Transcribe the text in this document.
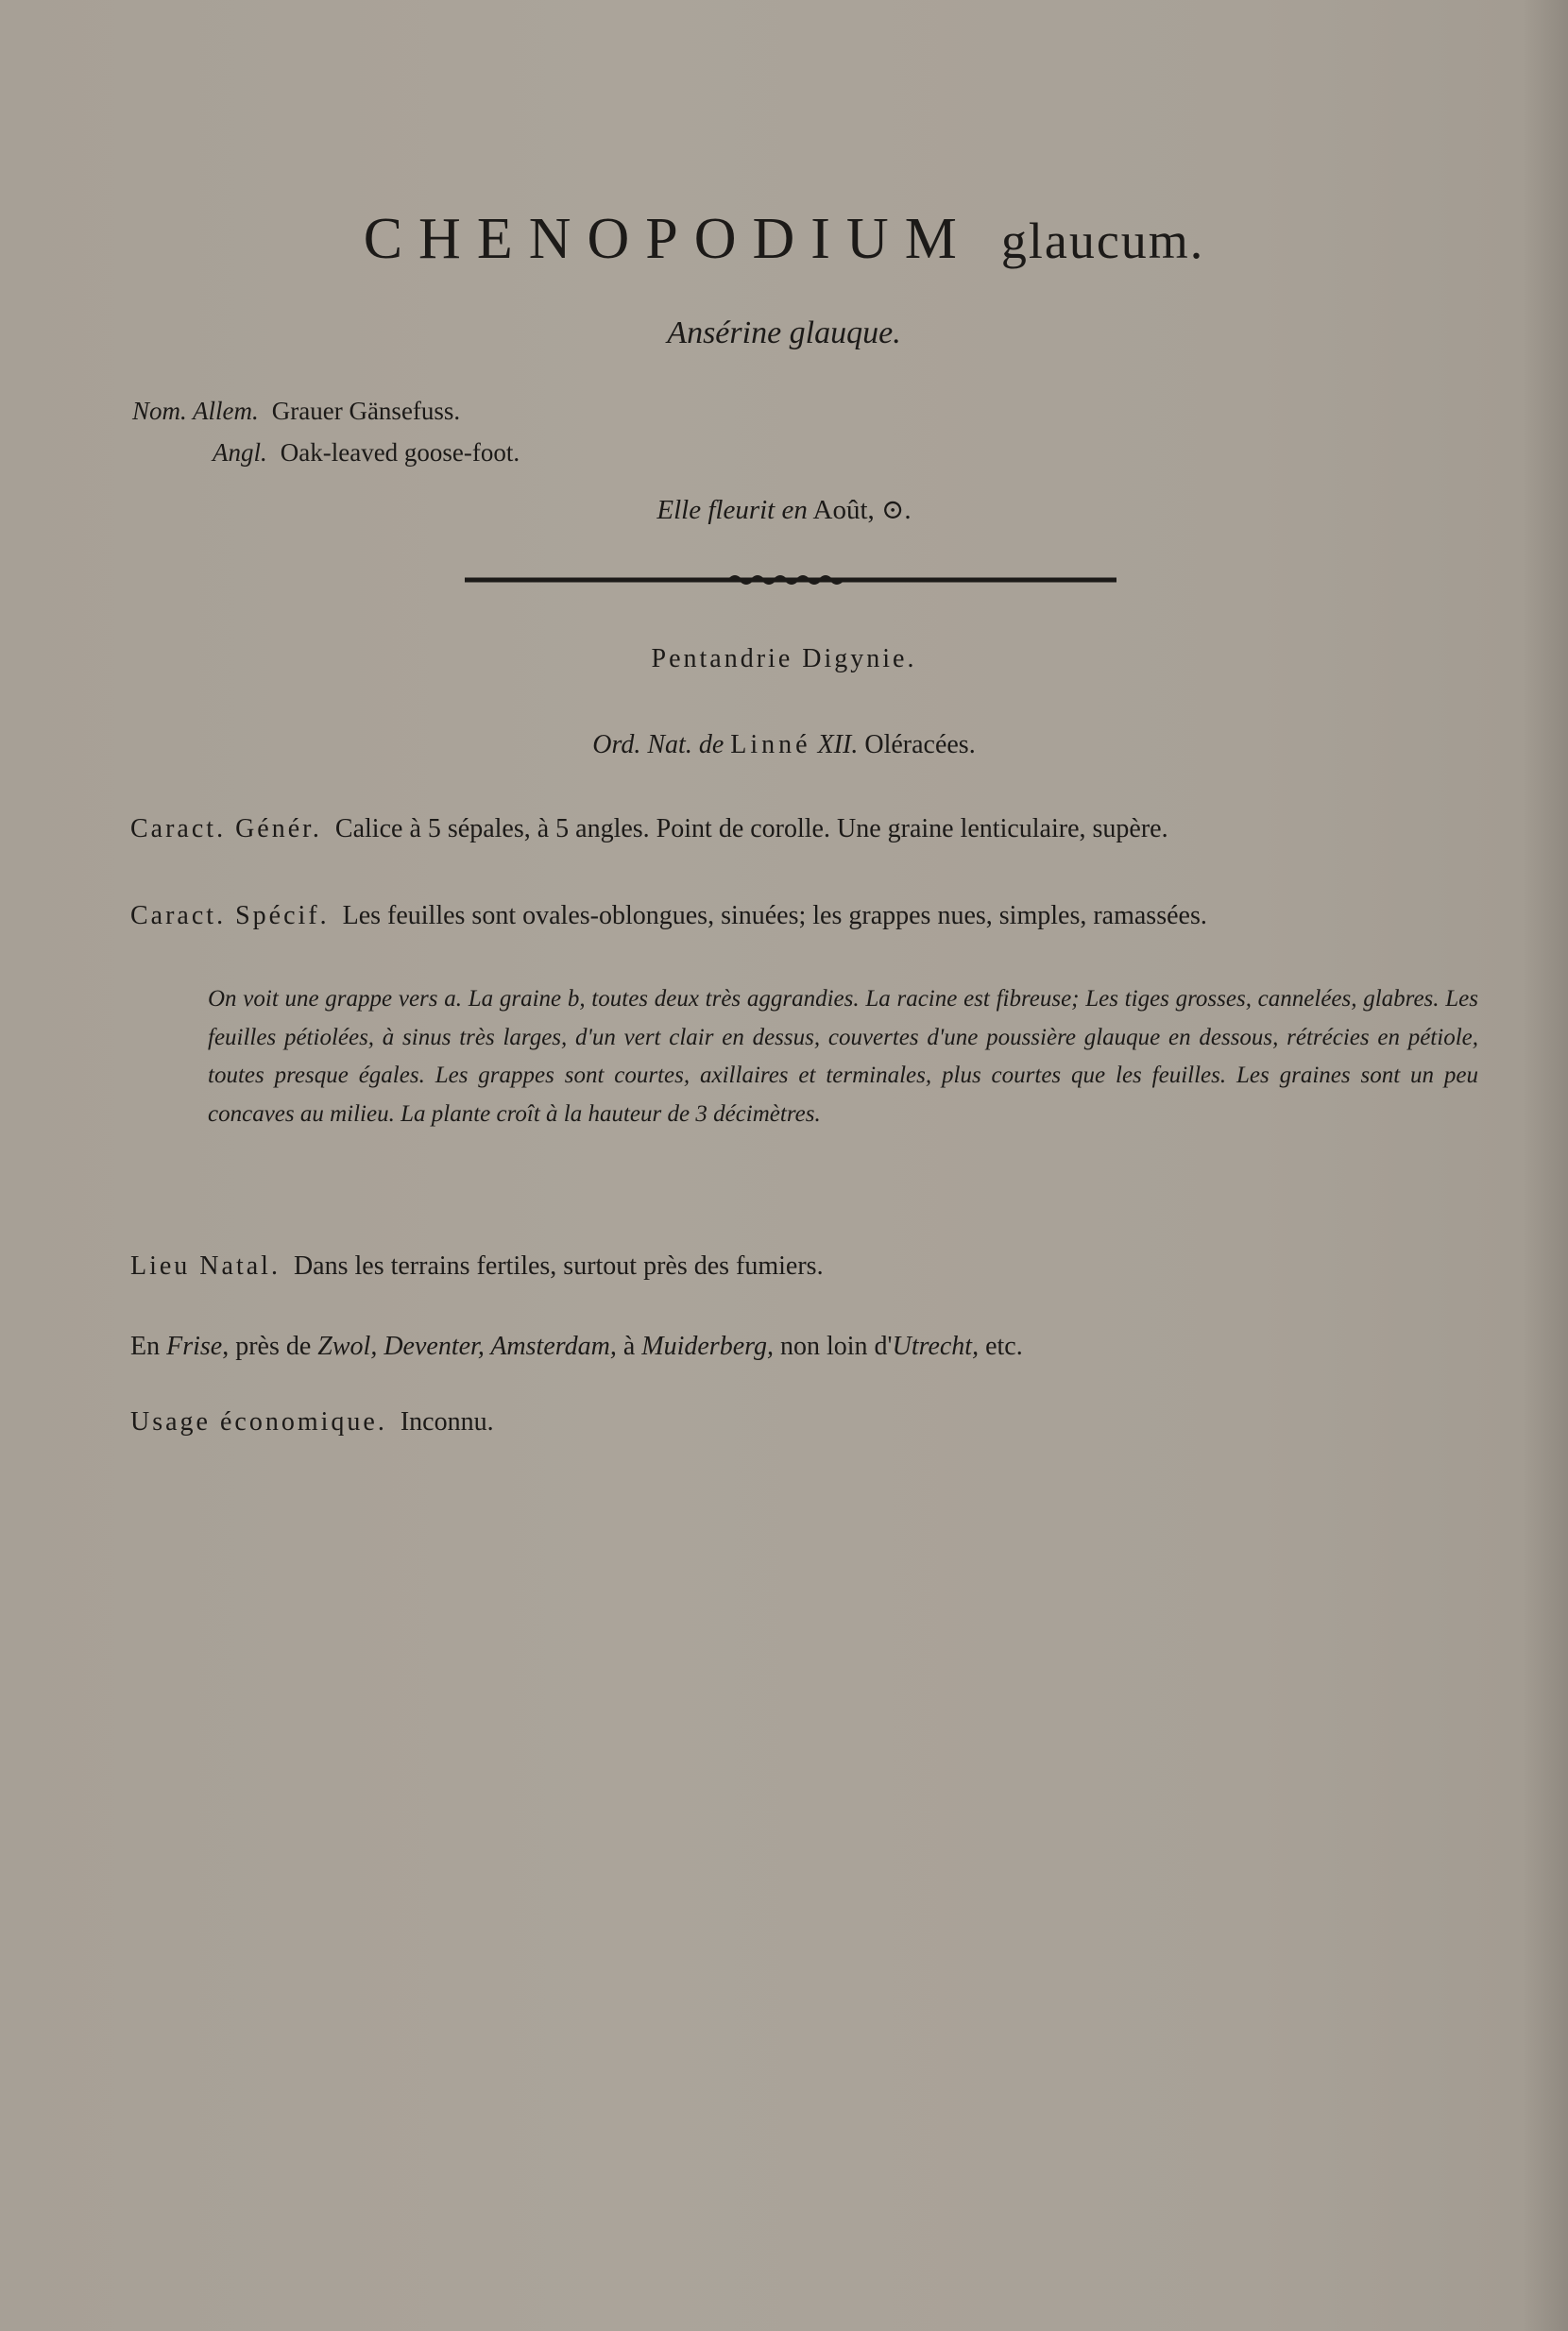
CHENOPODIUM glaucum.
Ansérine glauque.
Nom. Allem. Grauer Gänsefuss.
Angl. Oak-leaved goose-foot.
Elle fleurit en Août, ⊙.
Pentandrie Digynie.
Ord. Nat. de Linné XII. Oléracées.
Caract. Génér. Calice à 5 sépales, à 5 angles. Point de corolle. Une graine lenticulaire, supère.
Caract. Spécif. Les feuilles sont ovales-oblongues, sinuées; les grappes nues, simples, ramassées.
On voit une grappe vers a. La graine b, toutes deux très aggrandies. La racine est fibreuse; Les tiges grosses, cannelées, glabres. Les feuilles pétiolées, à sinus très larges, d'un vert clair en dessus, couvertes d'une poussière glauque en dessous, rétrécies en pétiole, toutes presque égales. Les grappes sont courtes, axillaires et terminales, plus courtes que les feuilles. Les graines sont un peu concaves au milieu. La plante croît à la hauteur de 3 décimètres.
Lieu Natal. Dans les terrains fertiles, surtout près des fumiers.
En Frise, près de Zwol, Deventer, Amsterdam, à Muiderberg, non loin d'Utrecht, etc.
Usage économique. Inconnu.
